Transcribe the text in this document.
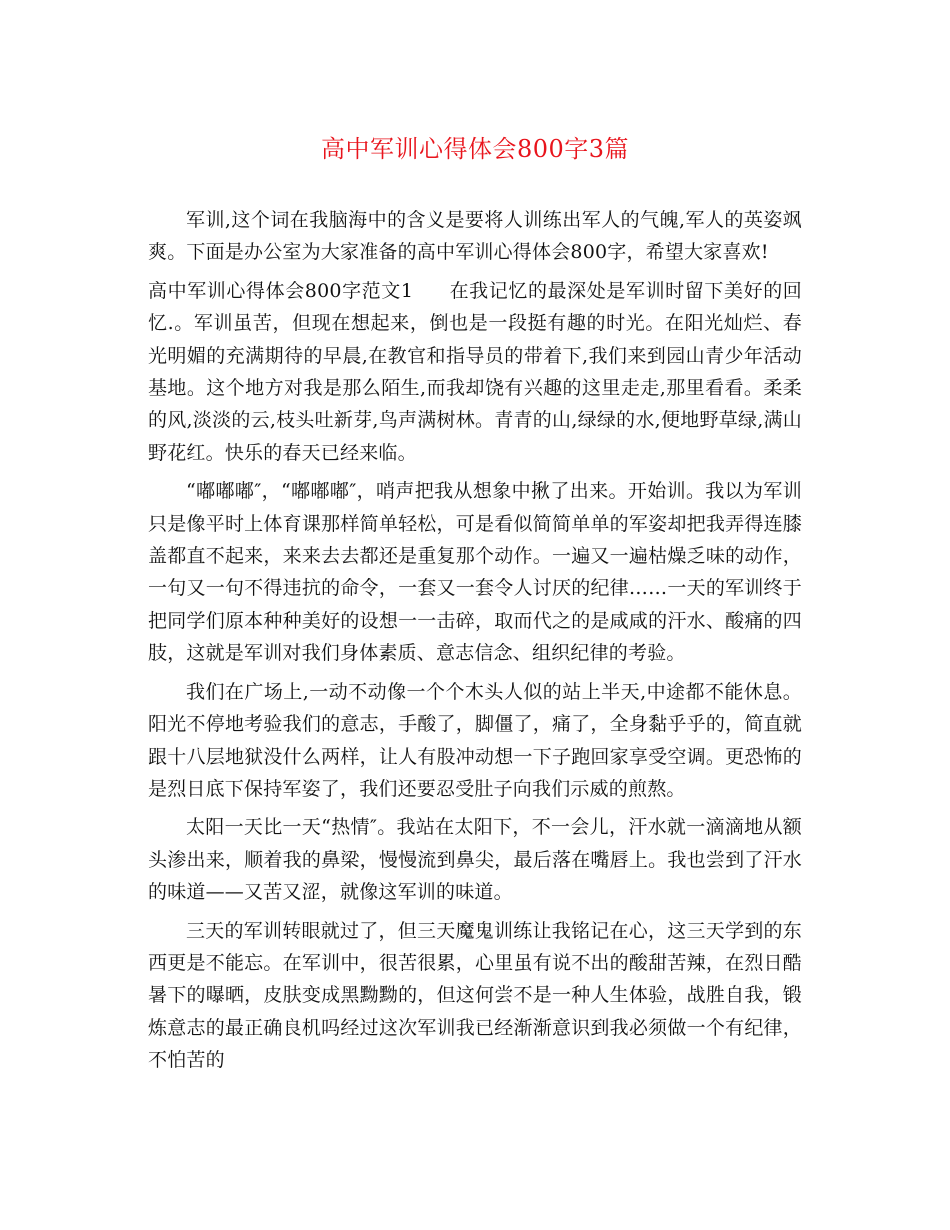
高中军训心得体会800字3篇

军训,这个词在我脑海中的含义是要将人训练出军人的气魄,军人的英姿飒爽。下面是办公室为大家准备的高中军训心得体会800字，希望大家喜欢!

高中军训心得体会800字范文1 在我记忆的最深处是军训时留下美好的回忆.。军训虽苦，但现在想起来，倒也是一段挺有趣的时光。在阳光灿烂、春光明媚的充满期待的早晨,在教官和指导员的带着下,我们来到园山青少年活动基地。这个地方对我是那么陌生,而我却饶有兴趣的这里走走,那里看看。柔柔的风,淡淡的云,枝头吐新芽,鸟声满树林。青青的山,绿绿的水,便地野草绿,满山野花红。快乐的春天已经来临。

“嘟嘟嘟″，“嘟嘟嘟″，哨声把我从想象中揪了出来。开始训。我以为军训只是像平时上体育课那样简单轻松，可是看似简简单单的军姿却把我弄得连膝盖都直不起来，来来去去都还是重复那个动作。一遍又一遍枯燥乏味的动作，一句又一句不得违抗的命令，一套又一套令人讨厌的纪律……一天的军训终于把同学们原本种种美好的设想一一击碎，取而代之的是咸咸的汗水、酸痛的四肢，这就是军训对我们身体素质、意志信念、组织纪律的考验。

我们在广场上,一动不动像一个个木头人似的站上半天,中途都不能休息。阳光不停地考验我们的意志，手酸了，脚僵了，痛了，全身黏乎乎的，简直就跟十八层地狱没什么两样，让人有股冲动想一下子跑回家享受空调。更恐怖的是烈日底下保持军姿了，我们还要忍受肚子向我们示威的煎熬。

太阳一天比一天“热情″。我站在太阳下，不一会儿，汗水就一滴滴地从额头渗出来，顺着我的鼻梁，慢慢流到鼻尖，最后落在嘴唇上。我也尝到了汗水的味道——又苦又涩，就像这军训的味道。

三天的军训转眼就过了，但三天魔鬼训练让我铭记在心，这三天学到的东西更是不能忘。在军训中，很苦很累，心里虽有说不出的酸甜苦辣，在烈日酷暑下的曝晒，皮肤变成黑黝黝的，但这何尝不是一种人生体验，战胜自我，锻炼意志的最正确良机吗经过这次军训我已经渐渐意识到我必须做一个有纪律，不怕苦的
